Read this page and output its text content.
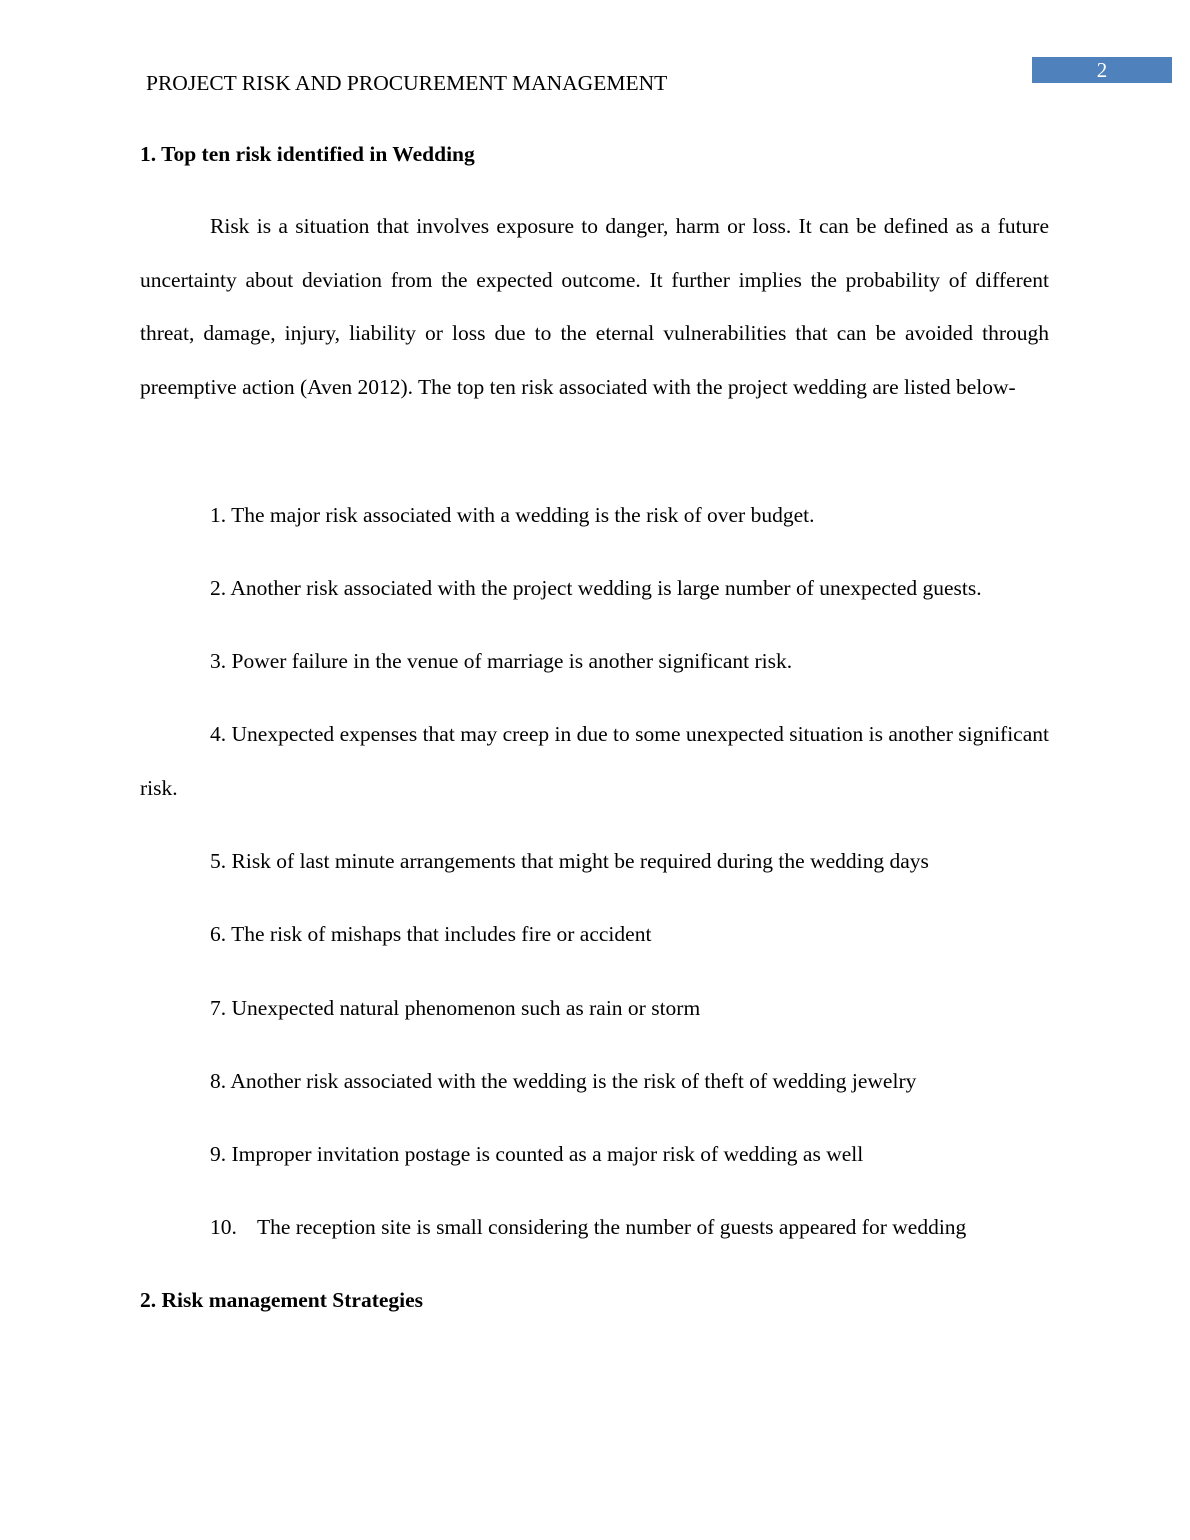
2
PROJECT RISK AND PROCUREMENT MANAGEMENT
1. Top ten risk identified in Wedding

Risk is a situation that involves exposure to danger, harm or loss. It can be defined as a future uncertainty about deviation from the expected outcome. It further implies the probability of different threat, damage, injury, liability or loss due to the eternal vulnerabilities that can be avoided through preemptive action (Aven 2012). The top ten risk associated with the project wedding are listed below-

1. The major risk associated with a wedding is the risk of over budget.
2. Another risk associated with the project wedding is large number of unexpected guests.
3. Power failure in the venue of marriage is another significant risk.

4. Unexpected expenses that may creep in due to some unexpected situation is another significant risk.

5. Risk of last minute arrangements that might be required during the wedding days
6. The risk of mishaps that includes fire or accident
7. Unexpected natural phenomenon such as rain or storm
8. Another risk associated with the wedding is the risk of theft of wedding jewelry
9. Improper invitation postage is counted as a major risk of wedding as well
10. The reception site is small considering the number of guests appeared for wedding
2. Risk management Strategies
